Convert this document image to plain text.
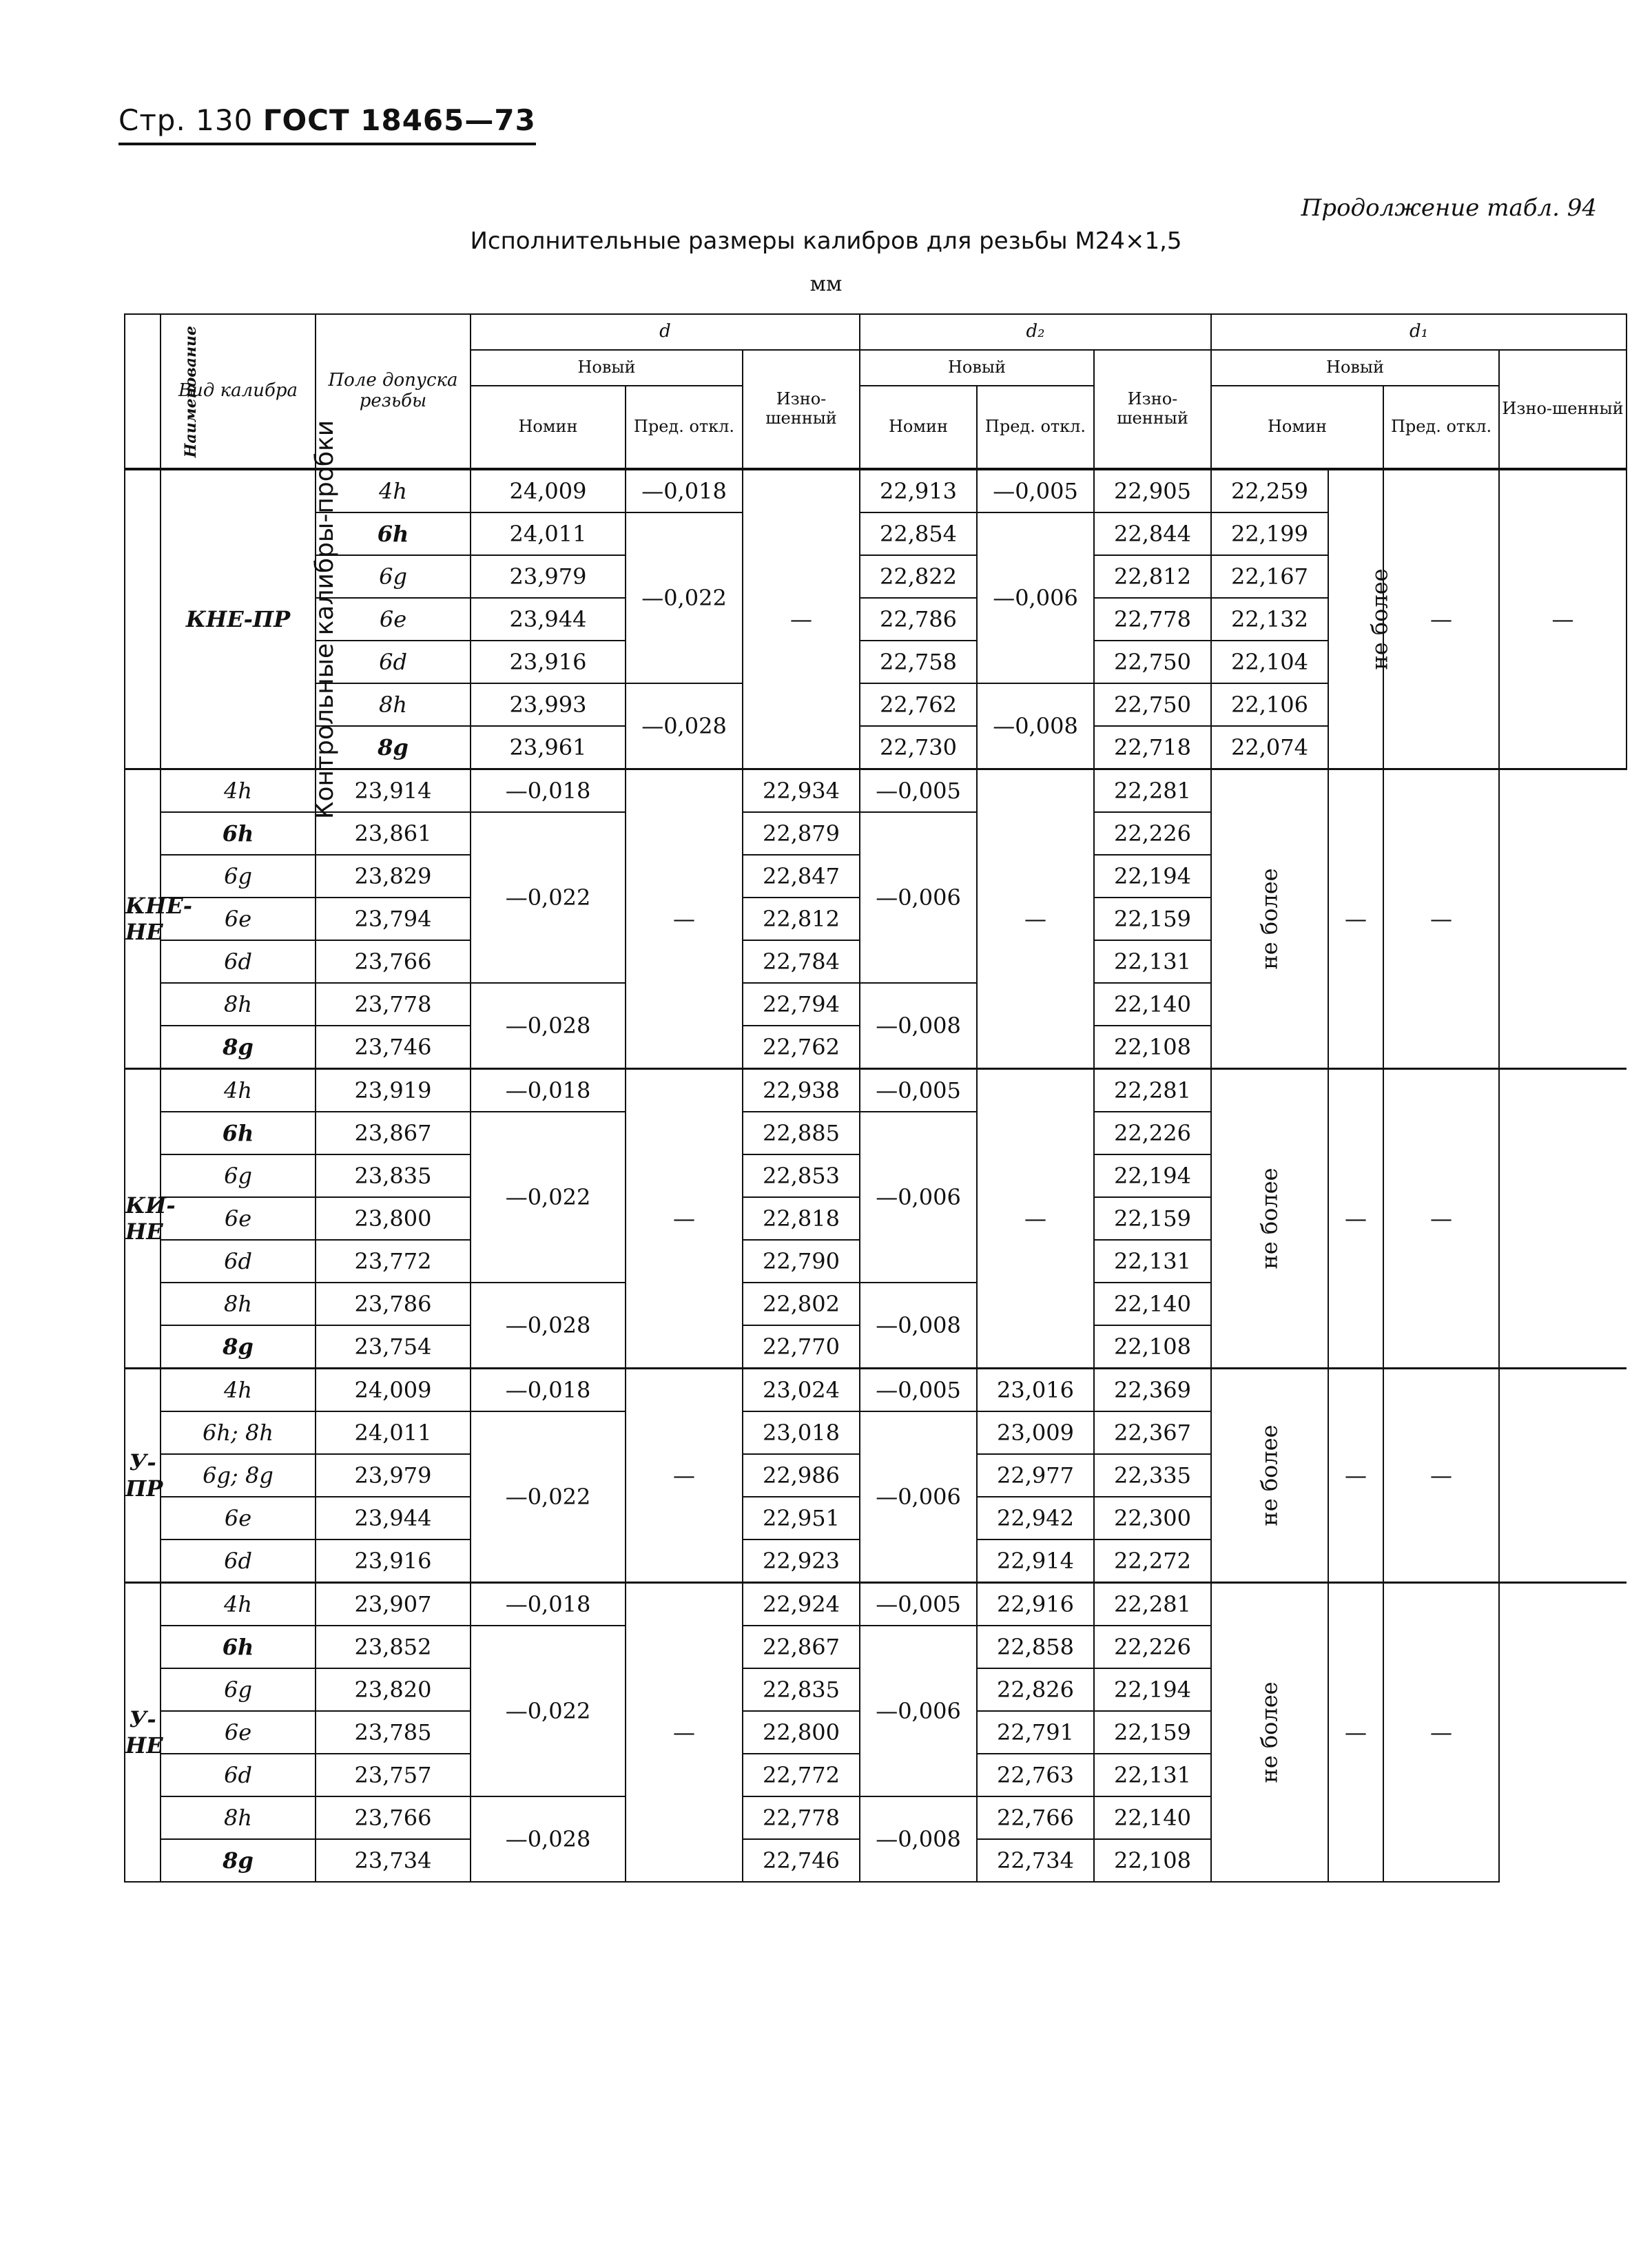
Стр. 130 ГОСТ 18465—73
Продолжение табл. 94
Исполнительные размеры калибров для резьбы М24×1,5
мм
Наименование	Вид калибра	Поле допуска резьбы	d			d₂			d₁			
			Новый		Изно-шенный	Новый		Изно-шенный	Новый			Изно-шенный
			Номин	Пред. откл.		Номин	Пред. откл.		Номин		Пред. откл.	
Контрольные калибры-пробки	КНЕ-ПР	4h	24,009	—0,018	—	22,913	—0,005	22,905	22,259	не более	—	—
		6h	24,011	—0,022		22,854	—0,006	22,844	22,199			
		6g	23,979			22,822		22,812	22,167			
		6e	23,944			22,786		22,778	22,132			
		6d	23,916			22,758		22,750	22,104			
		8h	23,993	—0,028		22,762	—0,008	22,750	22,106			
		8g	23,961			22,730		22,718	22,074			
КНЕ-НЕ	4h	23,914	—0,018	—	22,934	—0,005	—	22,281	не более	—	—	
	6h	23,861	—0,022		22,879	—0,006		22,226				
	6g	23,829			22,847			22,194				
	6e	23,794			22,812			22,159				
	6d	23,766			22,784			22,131				
	8h	23,778	—0,028		22,794	—0,008		22,140				
	8g	23,746			22,762			22,108				
КИ-НЕ	4h	23,919	—0,018	—	22,938	—0,005	—	22,281	не более	—	—	
	6h	23,867	—0,022		22,885	—0,006		22,226				
	6g	23,835			22,853			22,194				
	6e	23,800			22,818			22,159				
	6d	23,772			22,790			22,131				
	8h	23,786	—0,028		22,802	—0,008		22,140				
	8g	23,754			22,770			22,108				
У-ПР	4h	24,009	—0,018	—	23,024	—0,005	23,016	22,369	не более	—	—	
	6h; 8h	24,011	—0,022		23,018	—0,006	23,009	22,367				
	6g; 8g	23,979			22,986		22,977	22,335				
	6e	23,944			22,951		22,942	22,300				
	6d	23,916			22,923		22,914	22,272				
У-НЕ	4h	23,907	—0,018	—	22,924	—0,005	22,916	22,281	не более	—	—	
	6h	23,852	—0,022		22,867	—0,006	22,858	22,226				
	6g	23,820			22,835		22,826	22,194				
	6e	23,785			22,800		22,791	22,159				
	6d	23,757			22,772		22,763	22,131				
	8h	23,766	—0,028		22,778	—0,008	22,766	22,140				
	8g	23,734			22,746		22,734	22,108				
